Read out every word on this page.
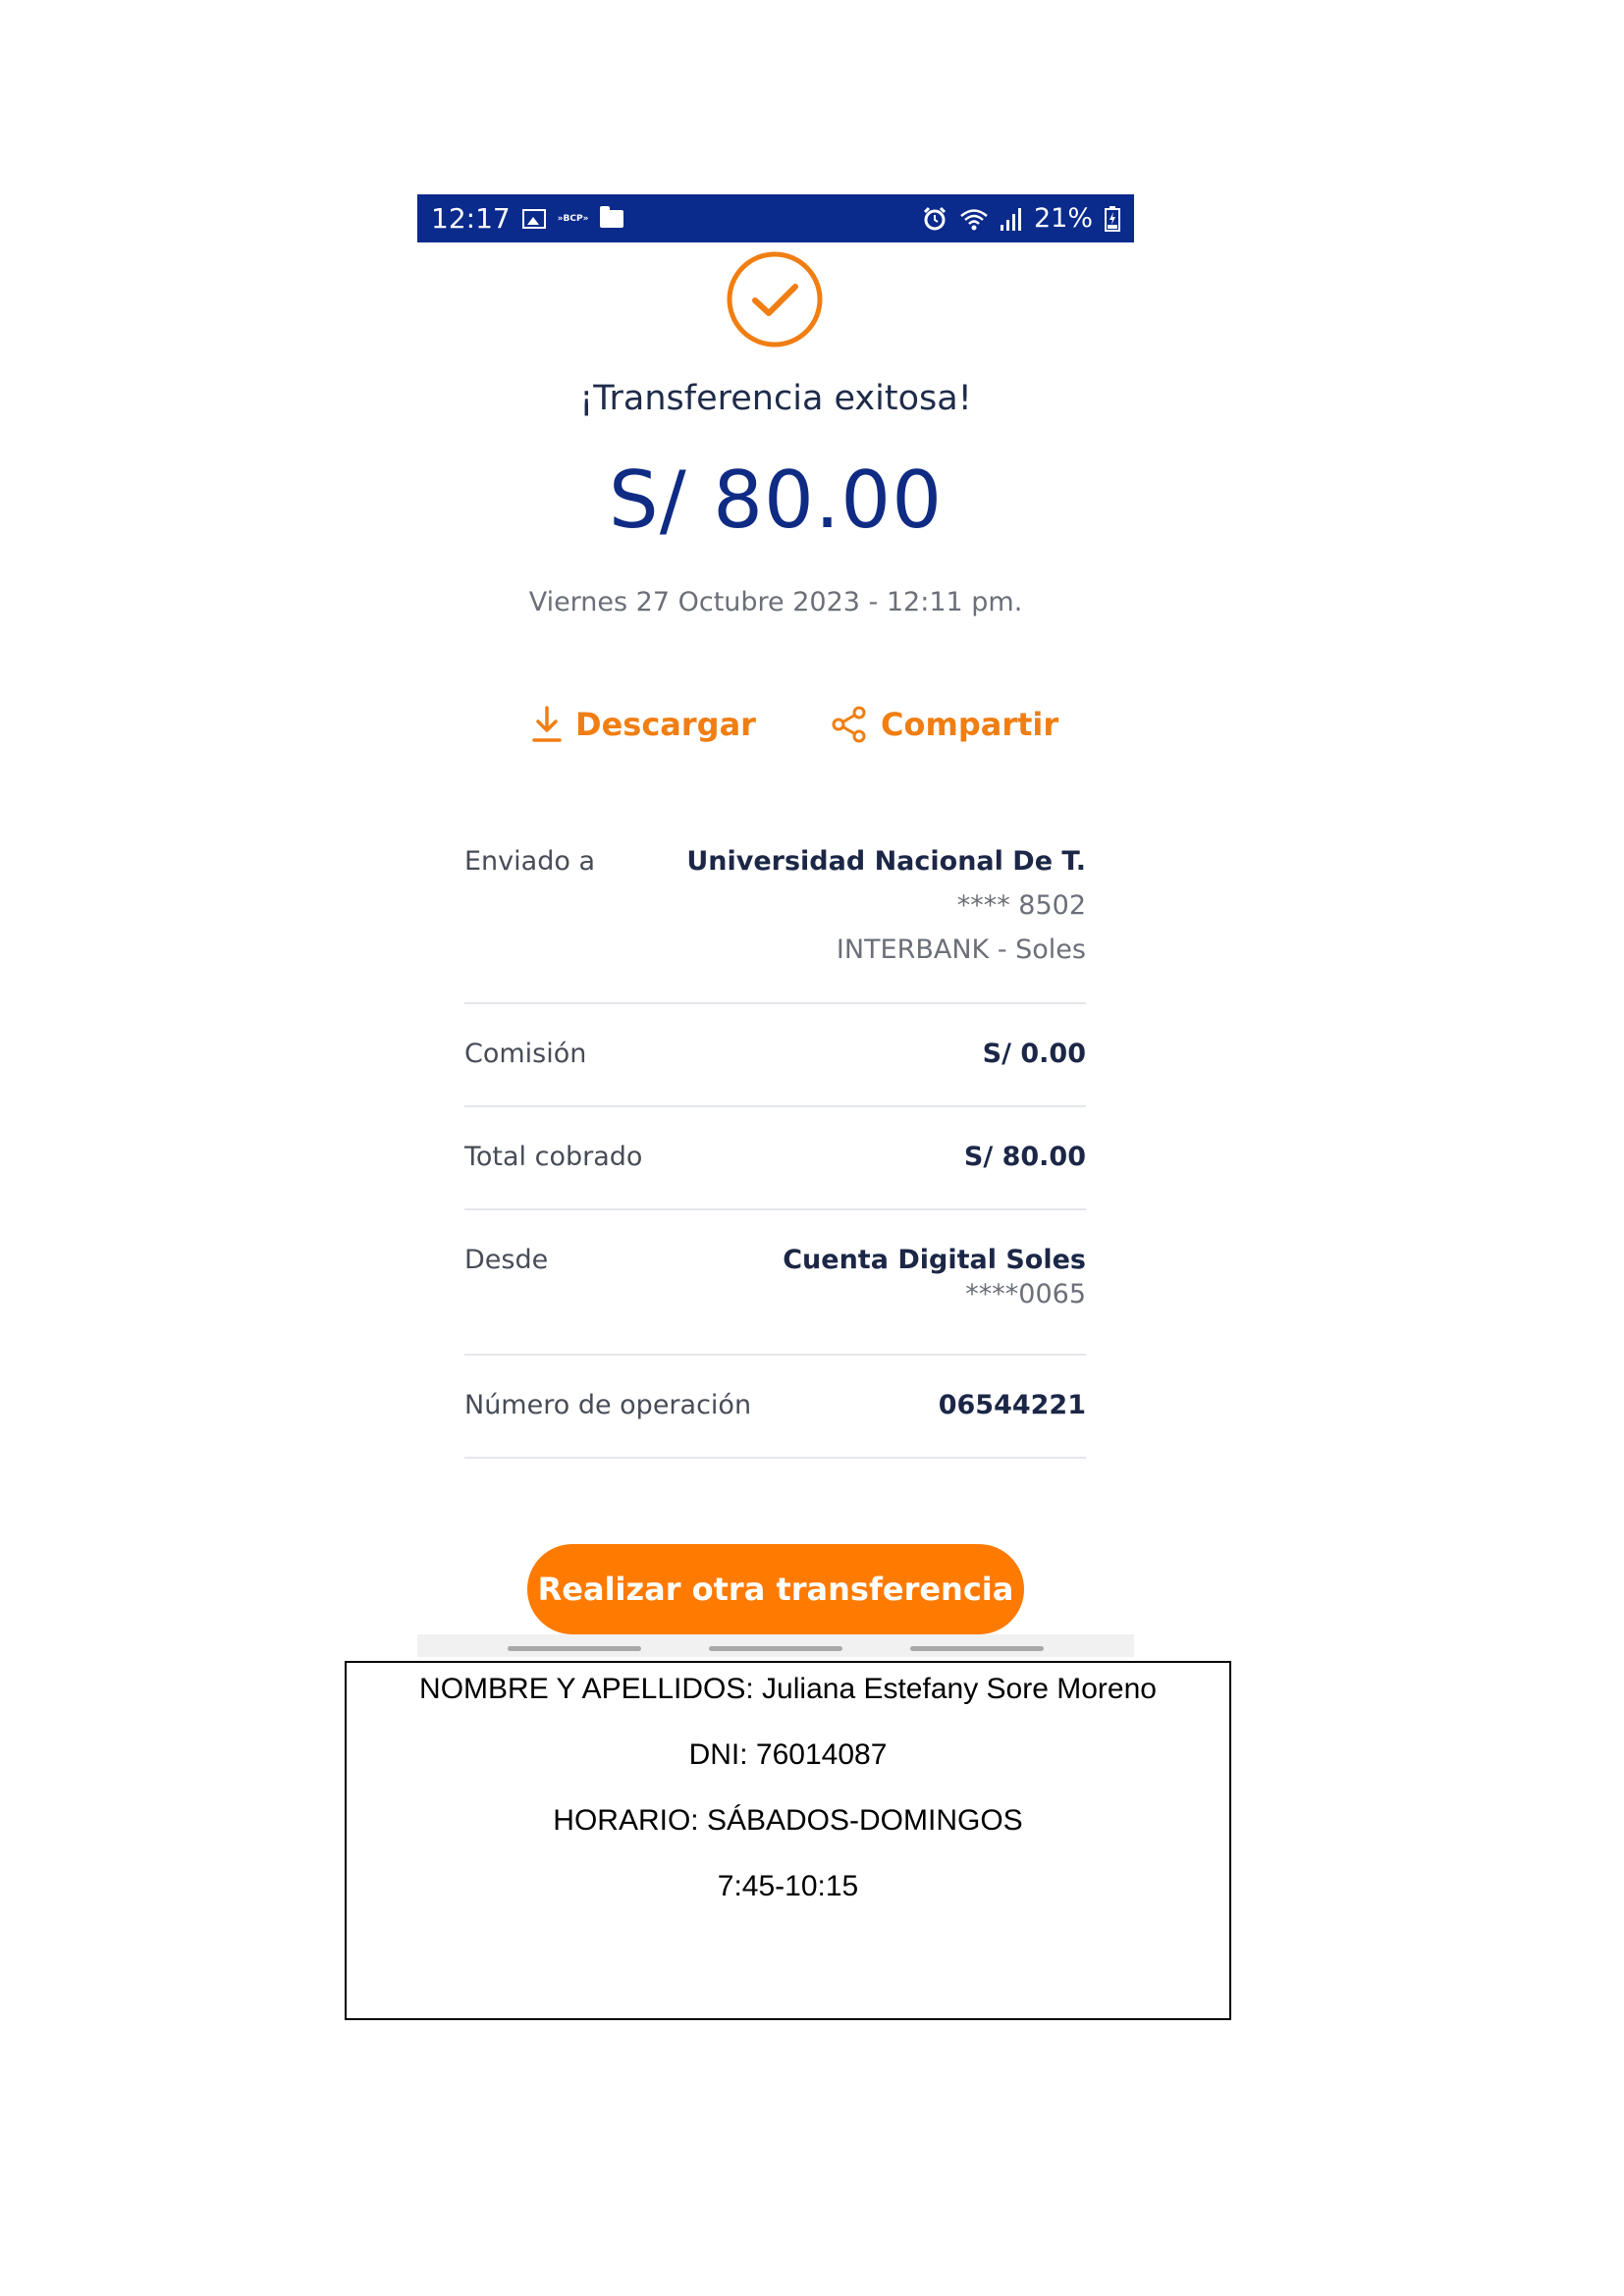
12:17	»BCP»	21%
¡Transferencia exitosa!
S/ 80.00
Viernes 27 Octubre 2023 - 12:11 pm.
Descargar	Compartir
Enviado a	Universidad Nacional De T.
**** 8502
INTERBANK - Soles
Comisión	S/ 0.00
Total cobrado	S/ 80.00
Desde	Cuenta Digital Soles
****0065
Número de operación	06544221
Realizar otra transferencia
NOMBRE Y APELLIDOS: Juliana Estefany Sore Moreno
DNI: 76014087
HORARIO: SÁBADOS-DOMINGOS
7:45-10:15
